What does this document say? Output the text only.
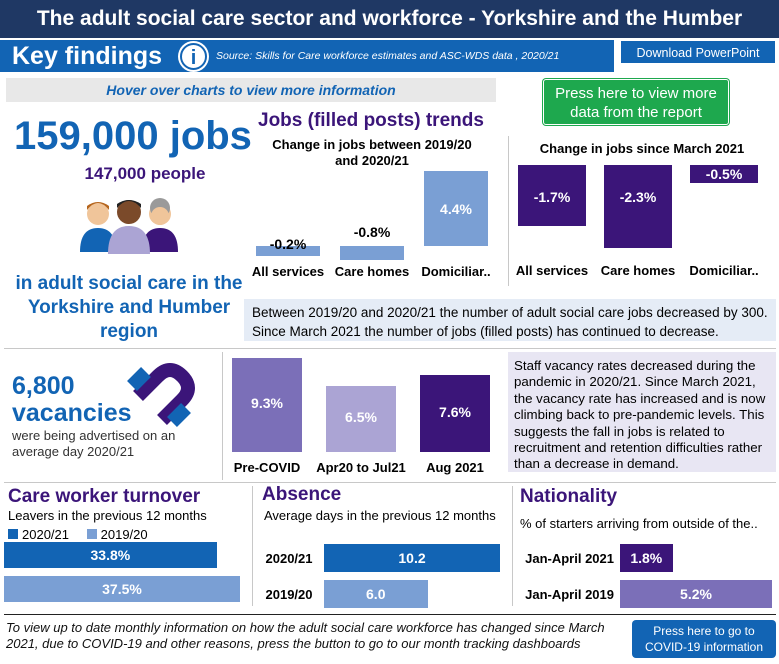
The adult social care sector and workforce - Yorkshire and the Humber
Key findings	i	Source: Skills for Care workforce estimates and ASC-WDS data , 2020/21	Download PowerPoint
Hover over charts to view more information	Press here to view more data from the report
159,000 jobs
147,000 people
in adult social care in the Yorkshire and Humber region
Jobs (filled posts) trends
Change in jobs between 2019/20 and 2020/21
Change in jobs since March 2021
-0.2%
All services
-0.8%
Care homes
4.4%
Domiciliar..
-1.7%
All services
-2.3%
Care homes
-0.5%
Domiciliar..
Between 2019/20 and 2020/21 the number of adult social care jobs decreased by 300. Since March 2021 the number of jobs (filled posts) has continued to decrease.
6,800
vacancies
were being advertised on an average day 2020/21
9.3%
Pre-COVID
6.5%
Apr20 to Jul21
7.6%
Aug 2021
Staff vacancy rates decreased during the pandemic in 2020/21. Since March 2021, the vacancy rate has increased and is now climbing back to pre-pandemic levels. This suggests the fall in jobs is related to recruitment and retention difficulties rather than a decrease in demand.
Care worker turnover
Leavers in the previous 12 months
2020/21 2019/20
33.8%
37.5%
Absence
Average days in the previous 12 months
2020/21	10.2
2019/20	6.0
Nationality
% of starters arriving from outside of the..
Jan-April 2021	1.8%
Jan-April 2019	5.2%
To view up to date monthly information on how the adult social care workforce has changed since March 2021, due to COVID-19 and other reasons, press the button to go to our month tracking dashboards
Press here to go to COVID-19 information
